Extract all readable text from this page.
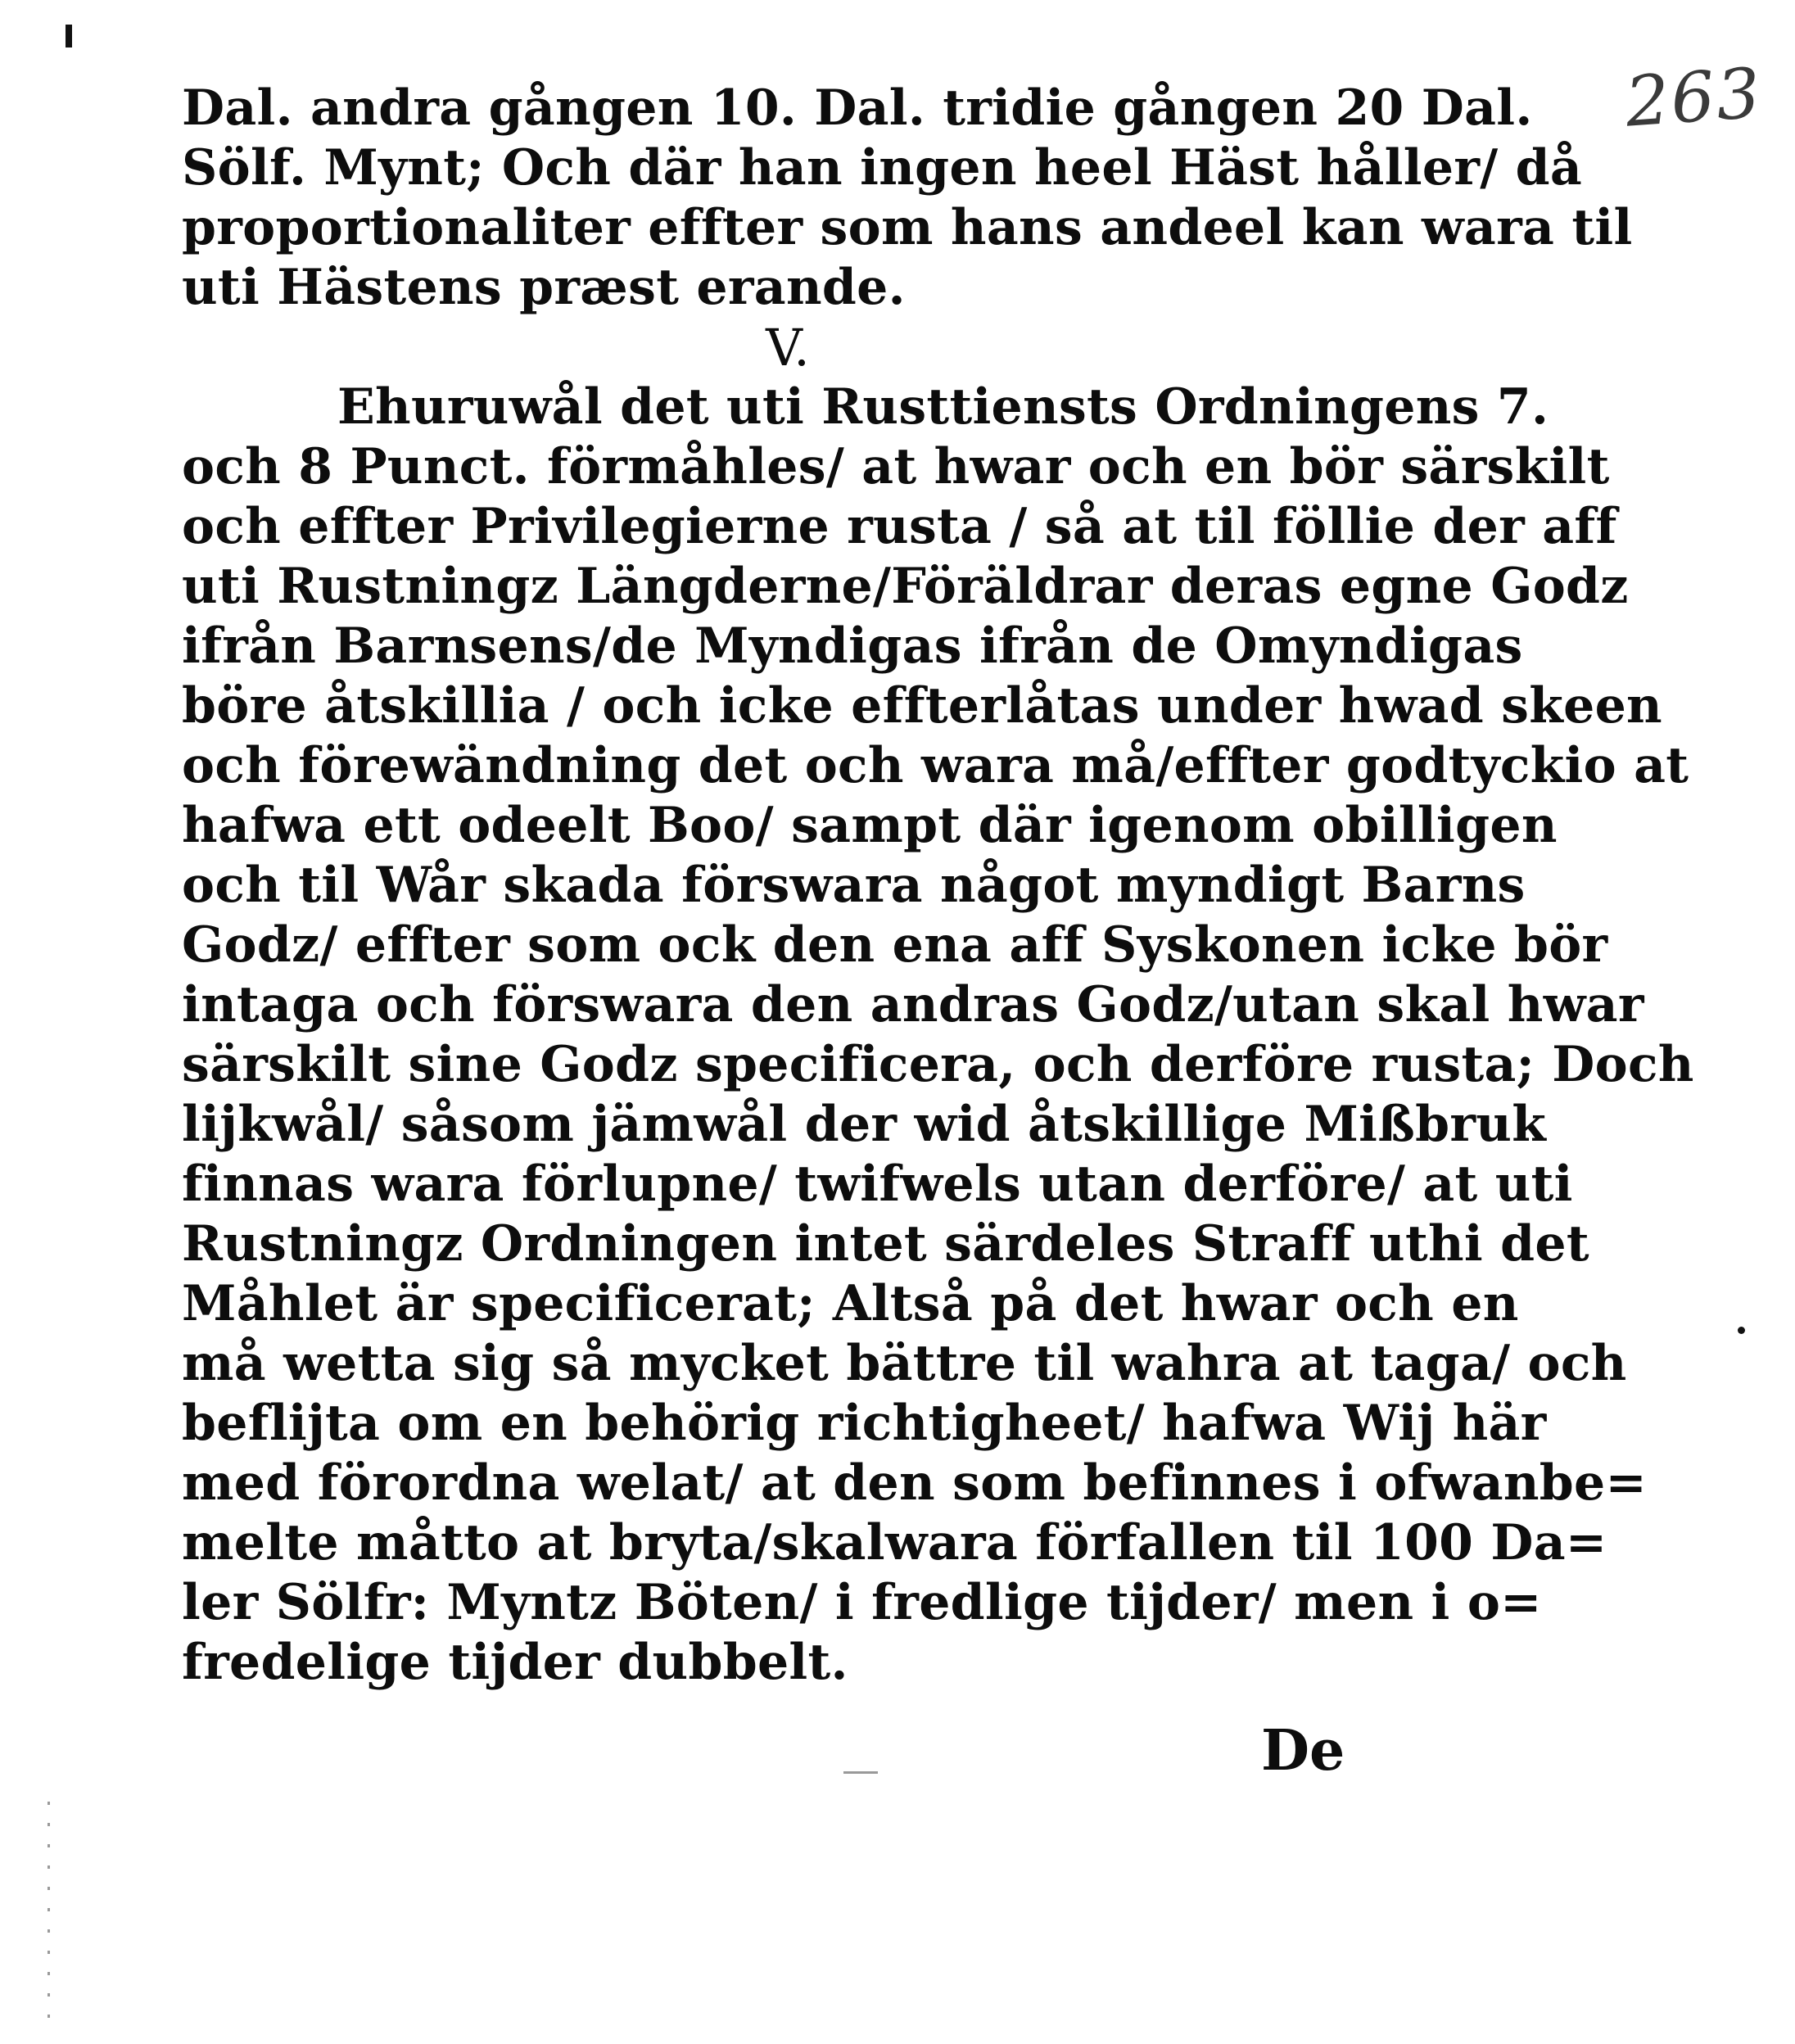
263
Dal. andra gången 10. Dal. tridie gången 20 Dal.
Sölf. Mynt; Och där han ingen heel Häst håller/ då
proportionaliter effter som hans andeel kan wara til
uti Hästens præst erande.
V.
Ehuruwål det uti Rusttiensts Ordningens 7.
och 8 Punct. förmåhles/ at hwar och en bör särskilt
och effter Privilegierne rusta / så at til föllie der aff
uti Rustningz Längderne/Föräldrar deras egne Godz
ifrån Barnsens/de Myndigas ifrån de Omyndigas
böre åtskillia / och icke effterlåtas under hwad skeen
och förewändning det och wara må/effter godtyckio at
hafwa ett odeelt Boo/ sampt där igenom obilligen
och til Wår skada förswara något myndigt Barns
Godz/ effter som ock den ena aff Syskonen icke bör
intaga och förswara den andras Godz/utan skal hwar
särskilt sine Godz specificera, och derföre rusta; Doch
lijkwål/ såsom jämwål der wid åtskillige Mißbruk
finnas wara förlupne/ twifwels utan derföre/ at uti
Rustningz Ordningen intet särdeles Straff uthi det
Måhlet är specificerat; Altså på det hwar och en
må wetta sig så mycket bättre til wahra at taga/ och
beflijta om en behörig richtigheet/ hafwa Wij här
med förordna welat/ at den som befinnes i ofwanbe=
melte måtto at bryta/skalwara förfallen til 100 Da=
ler Sölfr: Myntz Böten/ i fredlige tijder/ men i o=
fredelige tijder dubbelt.
De
